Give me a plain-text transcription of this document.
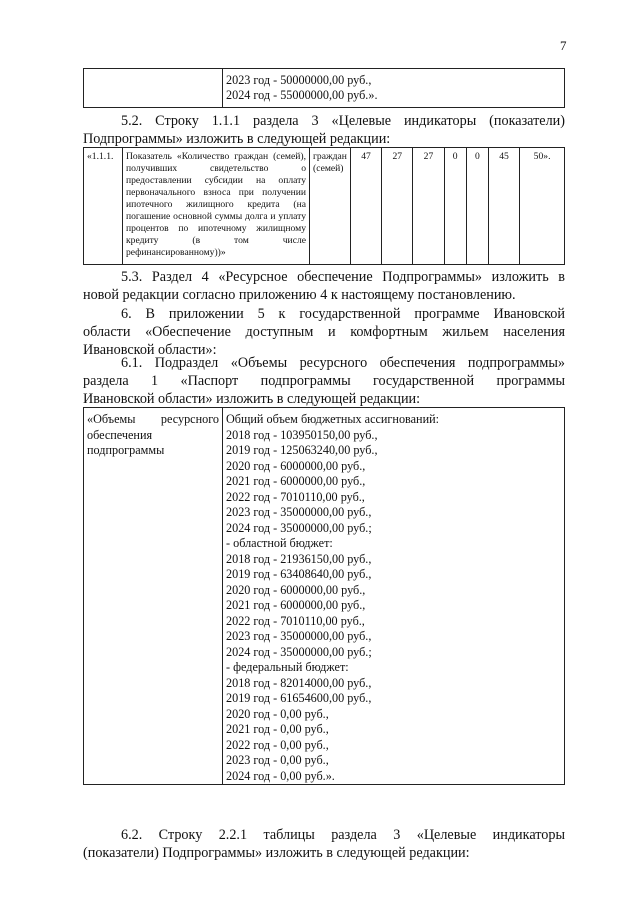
7

2023 год - 50000000,00 руб.,
2024 год - 55000000,00 руб.».
5.2. Строку 1.1.1 раздела 3 «Целевые индикаторы (показатели)
Подпрограммы» изложить в следующей редакции:
«1.1.1.	Показатель «Количество граждан (семей), получивших свидетельство о предоставлении субсидии на оплату первоначального взноса при получении ипотечного жилищного кредита (на погашение основной суммы долга и уплату процентов по ипотечному жилищному кредиту (в том числе рефинансированному))»	граждан (семей)	47	27	27	0	0	45	50».
5.3. Раздел 4 «Ресурсное обеспечение Подпрограммы» изложить в
новой редакции согласно приложению 4 к настоящему постановлению.
6. В приложении 5 к государственной программе Ивановской
области «Обеспечение доступным и комфортным жильем населения
Ивановской области»:
6.1. Подраздел «Объемы ресурсного обеспечения подпрограммы»
раздела 1 «Паспорт подпрограммы государственной программы
Ивановской области» изложить в следующей редакции:
«Объемы ресурсного
обеспечения
подпрограммы

Общий объем бюджетных ассигнований:
2018 год - 103950150,00 руб.,
2019 год - 125063240,00 руб.,
2020 год - 6000000,00 руб.,
2021 год - 6000000,00 руб.,
2022 год - 7010110,00 руб.,
2023 год - 35000000,00 руб.,
2024 год - 35000000,00 руб.;
- областной бюджет:
2018 год - 21936150,00 руб.,
2019 год - 63408640,00 руб.,
2020 год - 6000000,00 руб.,
2021 год - 6000000,00 руб.,
2022 год - 7010110,00 руб.,
2023 год - 35000000,00 руб.,
2024 год - 35000000,00 руб.;
- федеральный бюджет:
2018 год - 82014000,00 руб.,
2019 год - 61654600,00 руб.,
2020 год - 0,00 руб.,
2021 год - 0,00 руб.,
2022 год - 0,00 руб.,
2023 год - 0,00 руб.,
2024 год - 0,00 руб.».
6.2. Строку 2.2.1 таблицы раздела 3 «Целевые индикаторы
(показатели) Подпрограммы» изложить в следующей редакции:
